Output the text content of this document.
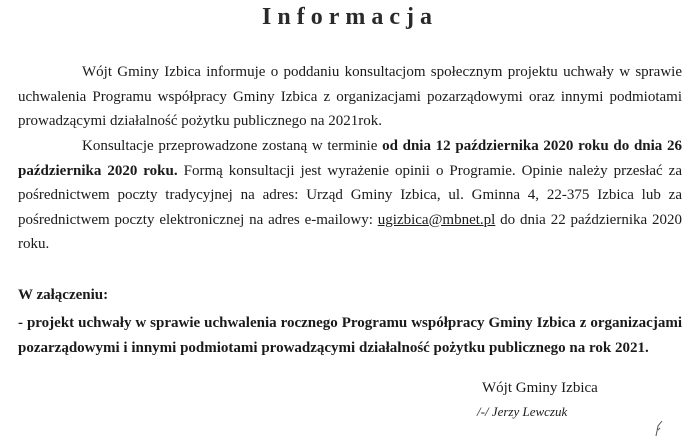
Informacja

Wójt Gminy Izbica informuje o poddaniu konsultacjom społecznym projektu uchwały w sprawie uchwalenia Programu współpracy Gminy Izbica z organizacjami pozarządowymi oraz innymi podmiotami prowadzącymi działalność pożytku publicznego na 2021rok.

Konsultacje przeprowadzone zostaną w terminie od dnia 12 października 2020 roku do dnia 26 października 2020 roku. Formą konsultacji jest wyrażenie opinii o Programie. Opinie należy przesłać za pośrednictwem poczty tradycyjnej na adres: Urząd Gminy Izbica, ul. Gminna 4, 22-375 Izbica lub za pośrednictwem poczty elektronicznej na adres e-mailowy: ugizbica@mbnet.pl do dnia 22 października 2020 roku.

W załączeniu:

- projekt uchwały w sprawie uchwalenia rocznego Programu współpracy Gminy Izbica z organizacjami pozarządowymi i innymi podmiotami prowadzącymi działalność pożytku publicznego na rok 2021.

Wójt Gminy Izbica
/-/ Jerzy Lewczuk
